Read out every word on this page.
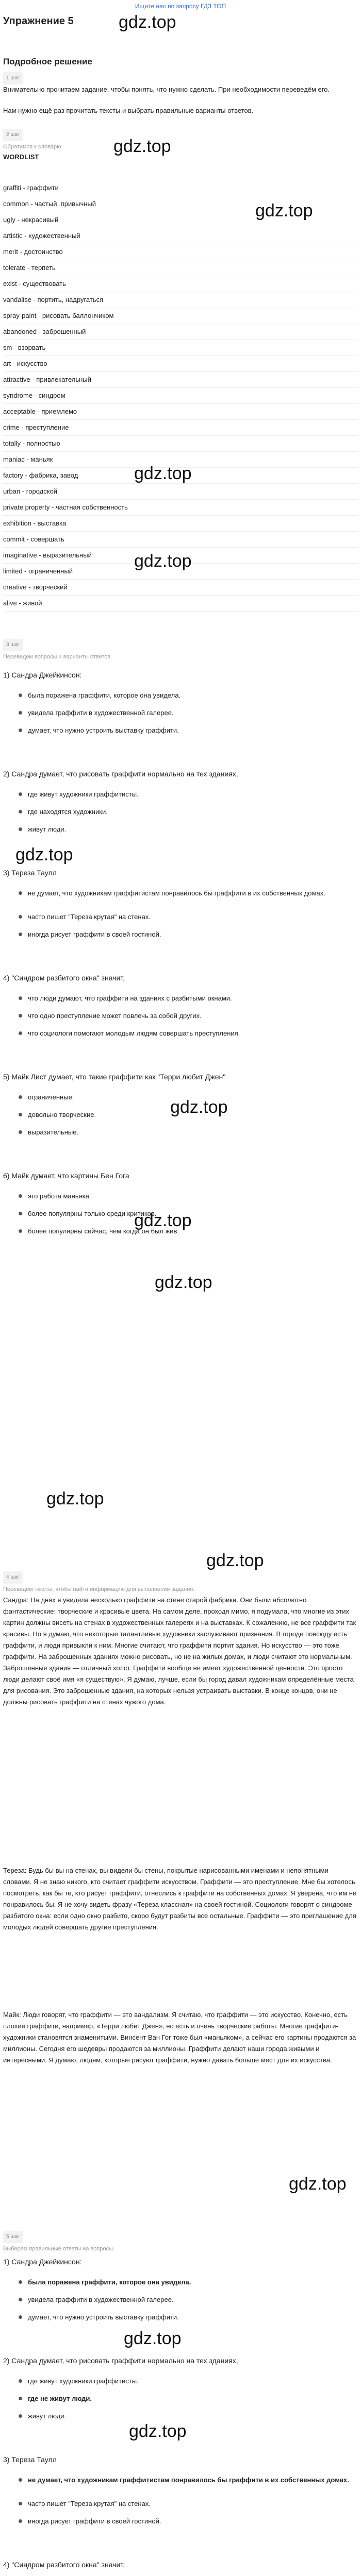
Ищите нас по запросу ГДЗ ТОП
Упражнение 5	gdz.top
Подробное решение
1 шаг
Внимательно прочитаем задание, чтобы понять, что нужно сделать. При необходимости переведём его.
Нам нужно ещё раз прочитать тексты и выбрать правильные варианты ответов.
2 шаг
Обратимся к словарю
WORDLIST
gdz.top
graffiti - граффити
common - частый, привычный
ugly - некрасивый
artistic - художественный
merit - достоинство
tolerate - терпеть
exist - существовать
vandalise - портить, надругаться
spray-paint - рисовать баллончиком
abandoned - заброшенный
sm - взорвать
art - искусство
attractive - привлекательный
syndrome - синдром
acceptable - приемлемо
crime - преступление
totally - полностью
maniac - маньяк
factory - фабрика, завод
urban - городской
private property - частная собственность
exhibition - выставка
commit - совершать
imaginative - выразительный
limited - ограниченный
creative - творческий
alive - живой
gdz.top
gdz.top
gdz.top
gdz.top
3 шаг
Переведём вопросы и варианты ответов
1) Сандра Джейкинсон:
была поражена граффити, которое она увидела.
увидела граффити в художественной галерее.
думает, что нужно устроить выставку граффити.
2) Сандра думает, что рисовать граффити нормально на тех зданиях,
где живут художники граффитисты.
где находятся художники.
живут люди.
3) Тереза Таулл
не думает, что художникам граффитистам понравилось бы граффити в их собственных домах.
часто пишет "Тереза крутая" на стенах.
иногда рисует граффити в своей гостиной.
4) "Синдром разбитого окна" значит,
что люди думают, что граффити на зданиях с разбитыми окнами.
что одно преступление может повлечь за собой других.
что социологи помогают молодым людям совершать преступления.
5) Майк Лист думает, что такие граффити как "Терри любит Джен"
ограниченные.
довольно творческие.
выразительные.
6) Майк думает, что картины Бен Гога
это работа маньяка.
более популярны только среди критиков.
более популярны сейчас, чем когда он был жив.
gdz.top
gdz.top
gdz.top
gdz.top
gdz.top
4 шаг
Переведём тексты, чтобы найти информацию для выполнения задания.
Сандра: На днях я увидела несколько граффити на стене старой фабрики. Они были абсолютно фантастические: творческие и красивые цвета. На самом деле, проходя мимо, я подумала, что многие из этих картин должны висеть на стенах в художественных галереях и на выставках. К сожалению, не все граффити так красивы. Но я думаю, что некоторые талантливые художники заслуживают признания. В городе повсюду есть граффити, и люди привыкли к ним. Многие считают, что граффити портит здания. Но искусство — это тоже граффити. На заброшенных зданиях можно рисовать, но не на жилых домах, и люди считают это нормальным. Заброшенные здания — отличный холст. Граффити вообще не имеет художественной ценности. Это просто люди делают своё имя «я существую». Я думаю, лучше, если бы город давал художникам определённые места для рисования. Это заброшенные здания, на которых нельзя устраивать выставки. В конце концов, они не должны рисовать граффити на стенах чужого дома.
Тереза: Будь бы вы на стенах, вы видели бы стены, покрытые нарисованными именами и непонятными словами. Я не знаю никого, кто считает граффити искусством. Граффити — это преступление. Мне бы хотелось посмотреть, как бы те, кто рисует граффити, отнеслись к граффити на собственных домах. Я уверена, что им не понравилось бы. Я не хочу видеть фразу «Тереза классная» на своей гостиной. Социологи говорят о синдроме разбитого окна: если одно окно разбито, скоро будут разбиты все остальные. Граффити — это приглашение для молодых людей совершать другие преступления.
Майк: Люди говорят, что граффити — это вандализм. Я считаю, что граффити — это искусство. Конечно, есть плохие граффити, например, «Терри любит Джен», но есть и очень творческие работы. Многие граффити-художники становятся знаменитыми. Винсент Ван Гог тоже был «маньяком», а сейчас его картины продаются за миллионы. Сегодня его шедевры продаются за миллионы. Граффити делают наши города живыми и интересными. Я думаю, людям, которые рисуют граффити, нужно давать больше мест для их искусства.
gdz.top
gdz.top
5 шаг
Выберем правильные ответы на вопросы.
1) Сандра Джейкинсон:
была поражена граффити, которое она увидела.
увидела граффити в художественной галерее.
думает, что нужно устроить выставку граффити.
2) Сандра думает, что рисовать граффити нормально на тех зданиях,
где живут художники граффитисты.
где не живут люди.
живут люди.
3) Тереза Таулл
не думает, что художникам граффитистам понравилось бы граффити в их собственных домах.
часто пишет "Тереза крутая" на стенах.
иногда рисует граффити в своей гостиной.
4) "Синдром разбитого окна" значит,
gdz.top
